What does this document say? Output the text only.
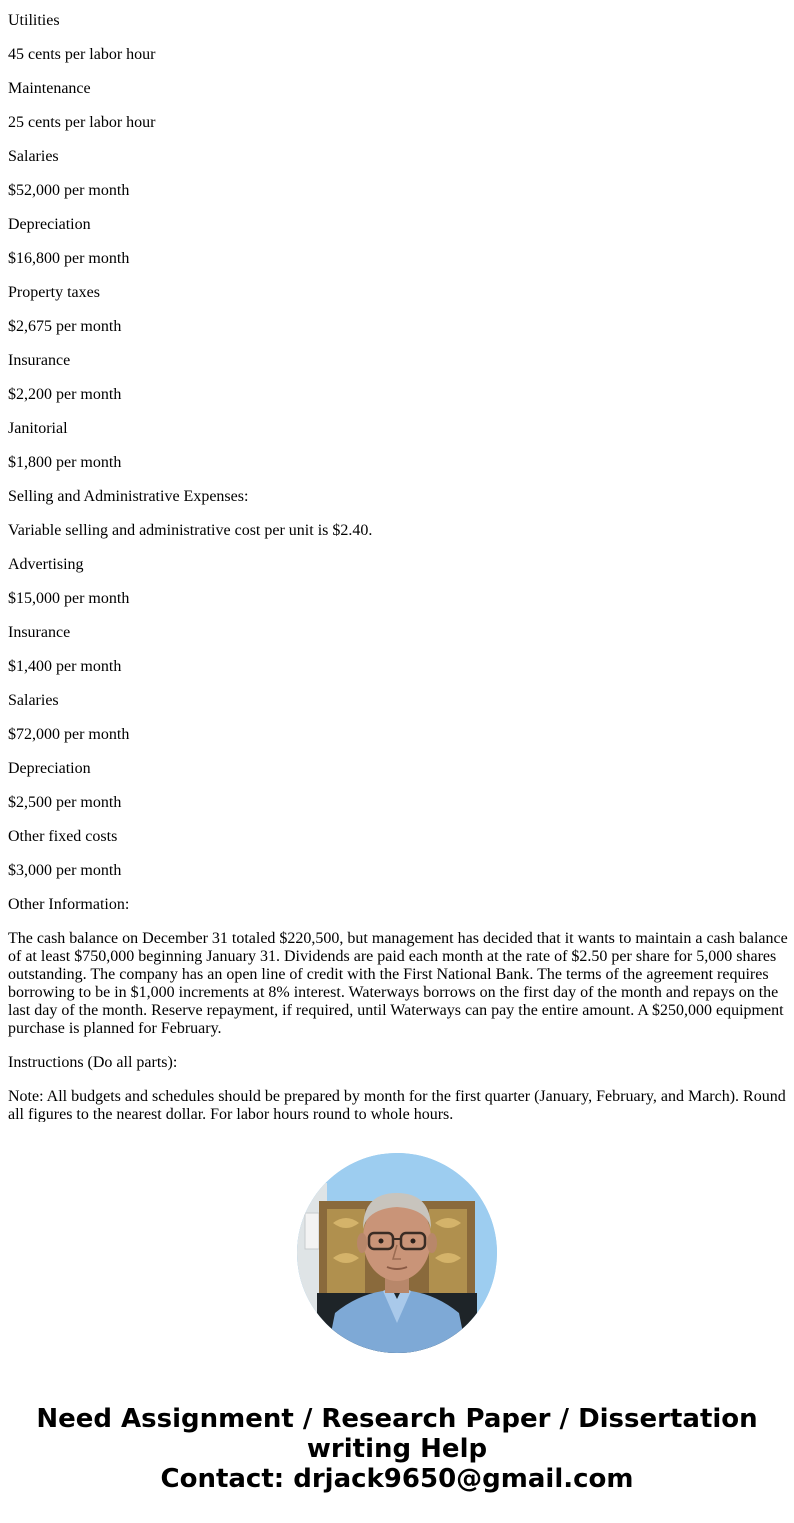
Utilities

45 cents per labor hour

Maintenance

25 cents per labor hour

Salaries

$52,000 per month

Depreciation

$16,800 per month

Property taxes

$2,675 per month

Insurance

$2,200 per month

Janitorial

$1,800 per month

Selling and Administrative Expenses:

Variable selling and administrative cost per unit is $2.40.

Advertising

$15,000 per month

Insurance

$1,400 per month

Salaries

$72,000 per month

Depreciation

$2,500 per month

Other fixed costs

$3,000 per month

Other Information:

The cash balance on December 31 totaled $220,500, but management has decided that it wants to maintain a cash balance of at least $750,000 beginning January 31. Dividends are paid each month at the rate of $2.50 per share for 5,000 shares outstanding. The company has an open line of credit with the First National Bank. The terms of the agreement requires borrowing to be in $1,000 increments at 8% interest. Waterways borrows on the first day of the month and repays on the last day of the month. Reserve repayment, if required, until Waterways can pay the entire amount. A $250,000 equipment purchase is planned for February.

Instructions (Do all parts):

Note: All budgets and schedules should be prepared by month for the first quarter (January, February, and March). Round all figures to the nearest dollar. For labor hours round to whole hours.

Need Assignment / Research Paper / Dissertation writing Help
Contact: drjack9650@gmail.com
